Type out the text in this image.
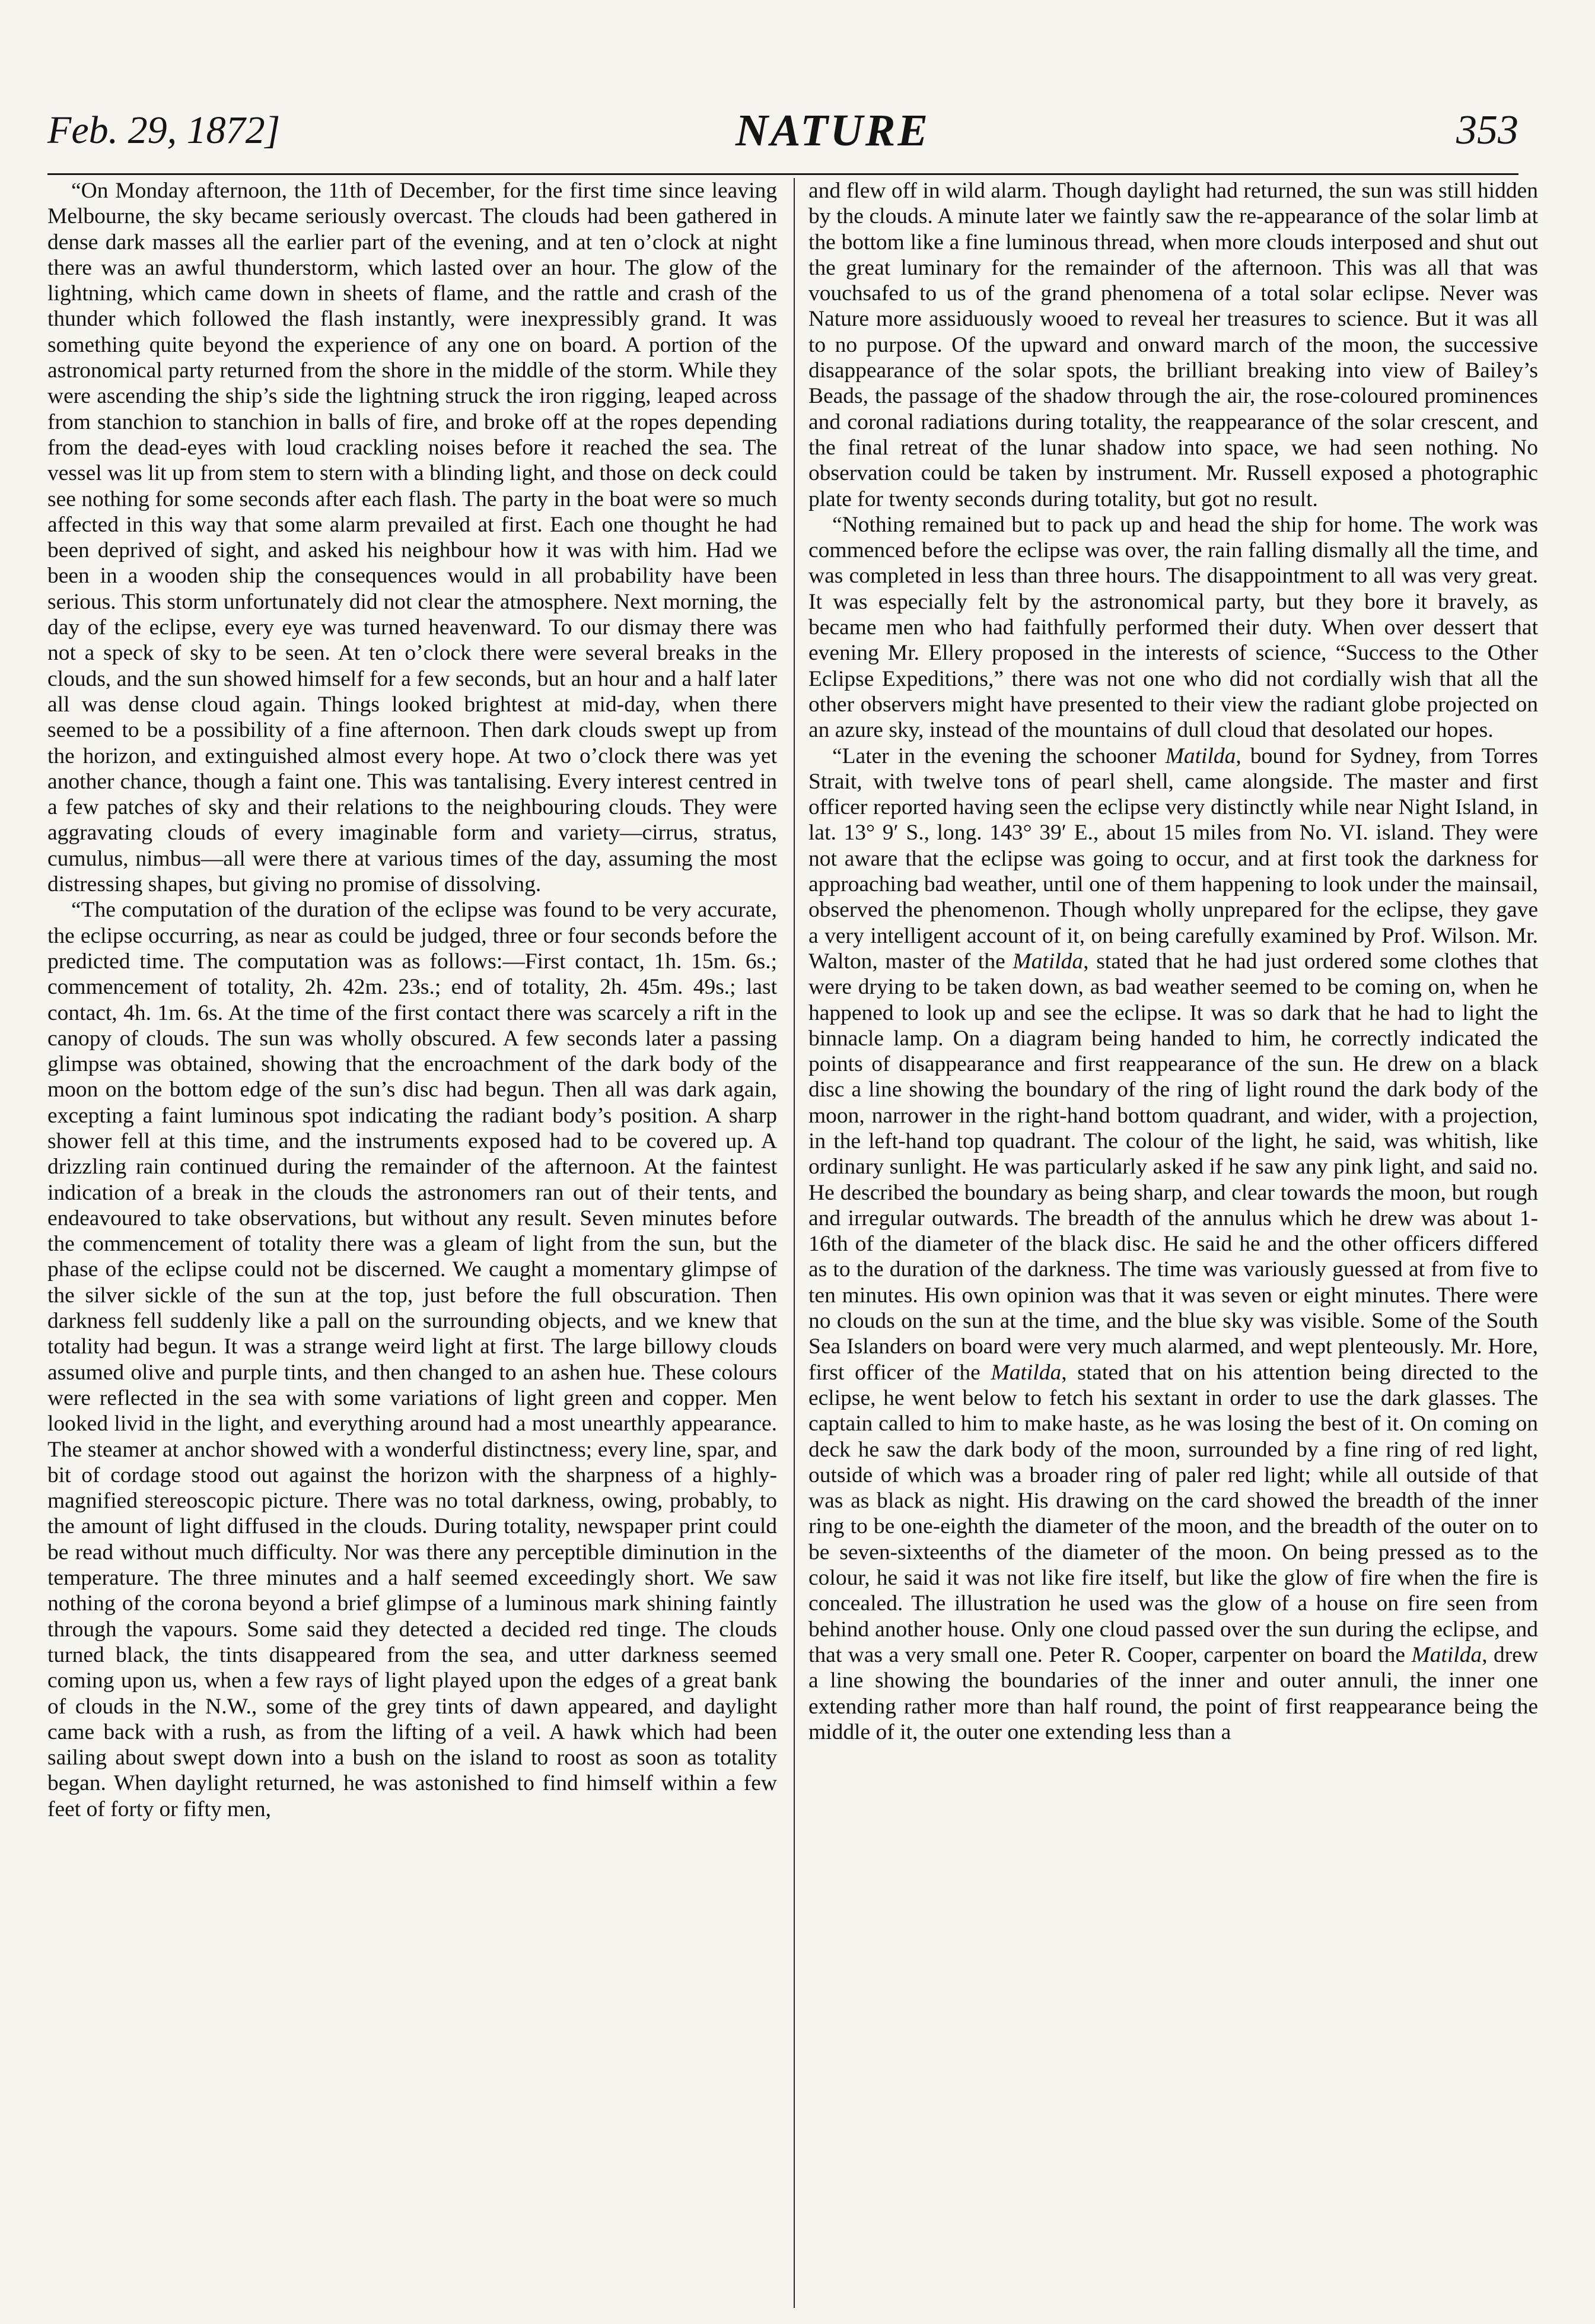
Feb. 29, 1872]	NATURE	353

“On Monday afternoon, the 11th of December, for the first time since leaving Melbourne, the sky became seriously overcast. The clouds had been gathered in dense dark masses all the earlier part of the evening, and at ten o’clock at night there was an awful thunderstorm, which lasted over an hour. The glow of the lightning, which came down in sheets of flame, and the rattle and crash of the thunder which followed the flash instantly, were inexpressibly grand. It was something quite beyond the experience of any one on board. A portion of the astronomical party returned from the shore in the middle of the storm. While they were ascending the ship’s side the lightning struck the iron rigging, leaped across from stanchion to stanchion in balls of fire, and broke off at the ropes depending from the dead-eyes with loud crackling noises before it reached the sea. The vessel was lit up from stem to stern with a blinding light, and those on deck could see nothing for some seconds after each flash. The party in the boat were so much affected in this way that some alarm prevailed at first. Each one thought he had been deprived of sight, and asked his neighbour how it was with him. Had we been in a wooden ship the consequences would in all probability have been serious. This storm unfortunately did not clear the atmosphere. Next morning, the day of the eclipse, every eye was turned heavenward. To our dismay there was not a speck of sky to be seen. At ten o’clock there were several breaks in the clouds, and the sun showed himself for a few seconds, but an hour and a half later all was dense cloud again. Things looked brightest at mid-day, when there seemed to be a possibility of a fine afternoon. Then dark clouds swept up from the horizon, and extinguished almost every hope. At two o’clock there was yet another chance, though a faint one. This was tantalising. Every interest centred in a few patches of sky and their relations to the neighbouring clouds. They were aggravating clouds of every imaginable form and variety—cirrus, stratus, cumulus, nimbus—all were there at various times of the day, assuming the most distressing shapes, but giving no promise of dissolving.

“The computation of the duration of the eclipse was found to be very accurate, the eclipse occurring, as near as could be judged, three or four seconds before the predicted time. The computation was as follows:—First contact, 1h. 15m. 6s.; commencement of totality, 2h. 42m. 23s.; end of totality, 2h. 45m. 49s.; last contact, 4h. 1m. 6s. At the time of the first contact there was scarcely a rift in the canopy of clouds. The sun was wholly obscured. A few seconds later a passing glimpse was obtained, showing that the encroachment of the dark body of the moon on the bottom edge of the sun’s disc had begun. Then all was dark again, excepting a faint luminous spot indicating the radiant body’s position. A sharp shower fell at this time, and the instruments exposed had to be covered up. A drizzling rain continued during the remainder of the afternoon. At the faintest indication of a break in the clouds the astronomers ran out of their tents, and endeavoured to take observations, but without any result. Seven minutes before the commencement of totality there was a gleam of light from the sun, but the phase of the eclipse could not be discerned. We caught a momentary glimpse of the silver sickle of the sun at the top, just before the full obscuration. Then darkness fell suddenly like a pall on the surrounding objects, and we knew that totality had begun. It was a strange weird light at first. The large billowy clouds assumed olive and purple tints, and then changed to an ashen hue. These colours were reflected in the sea with some variations of light green and copper. Men looked livid in the light, and everything around had a most unearthly appearance. The steamer at anchor showed with a wonderful distinctness; every line, spar, and bit of cordage stood out against the horizon with the sharpness of a highly-magnified stereoscopic picture. There was no total darkness, owing, probably, to the amount of light diffused in the clouds. During totality, newspaper print could be read without much difficulty. Nor was there any perceptible diminution in the temperature. The three minutes and a half seemed exceedingly short. We saw nothing of the corona beyond a brief glimpse of a luminous mark shining faintly through the vapours. Some said they detected a decided red tinge. The clouds turned black, the tints disappeared from the sea, and utter darkness seemed coming upon us, when a few rays of light played upon the edges of a great bank of clouds in the N.W., some of the grey tints of dawn appeared, and daylight came back with a rush, as from the lifting of a veil. A hawk which had been sailing about swept down into a bush on the island to roost as soon as totality began. When daylight returned, he was astonished to find himself within a few feet of forty or fifty men,

and flew off in wild alarm. Though daylight had returned, the sun was still hidden by the clouds. A minute later we faintly saw the re-appearance of the solar limb at the bottom like a fine luminous thread, when more clouds interposed and shut out the great luminary for the remainder of the afternoon. This was all that was vouchsafed to us of the grand phenomena of a total solar eclipse. Never was Nature more assiduously wooed to reveal her treasures to science. But it was all to no purpose. Of the upward and onward march of the moon, the successive disappearance of the solar spots, the brilliant breaking into view of Bailey’s Beads, the passage of the shadow through the air, the rose-coloured prominences and coronal radiations during totality, the reappearance of the solar crescent, and the final retreat of the lunar shadow into space, we had seen nothing. No observation could be taken by instrument. Mr. Russell exposed a photographic plate for twenty seconds during totality, but got no result.

“Nothing remained but to pack up and head the ship for home. The work was commenced before the eclipse was over, the rain falling dismally all the time, and was completed in less than three hours. The disappointment to all was very great. It was especially felt by the astronomical party, but they bore it bravely, as became men who had faithfully performed their duty. When over dessert that evening Mr. Ellery proposed in the interests of science, “Success to the Other Eclipse Expeditions,” there was not one who did not cordially wish that all the other observers might have presented to their view the radiant globe projected on an azure sky, instead of the mountains of dull cloud that desolated our hopes.

“Later in the evening the schooner Matilda, bound for Sydney, from Torres Strait, with twelve tons of pearl shell, came alongside. The master and first officer reported having seen the eclipse very distinctly while near Night Island, in lat. 13° 9′ S., long. 143° 39′ E., about 15 miles from No. VI. island. They were not aware that the eclipse was going to occur, and at first took the darkness for approaching bad weather, until one of them happening to look under the mainsail, observed the phenomenon. Though wholly unprepared for the eclipse, they gave a very intelligent account of it, on being carefully examined by Prof. Wilson. Mr. Walton, master of the Matilda, stated that he had just ordered some clothes that were drying to be taken down, as bad weather seemed to be coming on, when he happened to look up and see the eclipse. It was so dark that he had to light the binnacle lamp. On a diagram being handed to him, he correctly indicated the points of disappearance and first reappearance of the sun. He drew on a black disc a line showing the boundary of the ring of light round the dark body of the moon, narrower in the right-hand bottom quadrant, and wider, with a projection, in the left-hand top quadrant. The colour of the light, he said, was whitish, like ordinary sunlight. He was particularly asked if he saw any pink light, and said no. He described the boundary as being sharp, and clear towards the moon, but rough and irregular outwards. The breadth of the annulus which he drew was about 1-16th of the diameter of the black disc. He said he and the other officers differed as to the duration of the darkness. The time was variously guessed at from five to ten minutes. His own opinion was that it was seven or eight minutes. There were no clouds on the sun at the time, and the blue sky was visible. Some of the South Sea Islanders on board were very much alarmed, and wept plenteously. Mr. Hore, first officer of the Matilda, stated that on his attention being directed to the eclipse, he went below to fetch his sextant in order to use the dark glasses. The captain called to him to make haste, as he was losing the best of it. On coming on deck he saw the dark body of the moon, surrounded by a fine ring of red light, outside of which was a broader ring of paler red light; while all outside of that was as black as night. His drawing on the card showed the breadth of the inner ring to be one-eighth the diameter of the moon, and the breadth of the outer on to be seven-sixteenths of the diameter of the moon. On being pressed as to the colour, he said it was not like fire itself, but like the glow of fire when the fire is concealed. The illustration he used was the glow of a house on fire seen from behind another house. Only one cloud passed over the sun during the eclipse, and that was a very small one. Peter R. Cooper, carpenter on board the Matilda, drew a line showing the boundaries of the inner and outer annuli, the inner one extending rather more than half round, the point of first reappearance being the middle of it, the outer one extending less than a
